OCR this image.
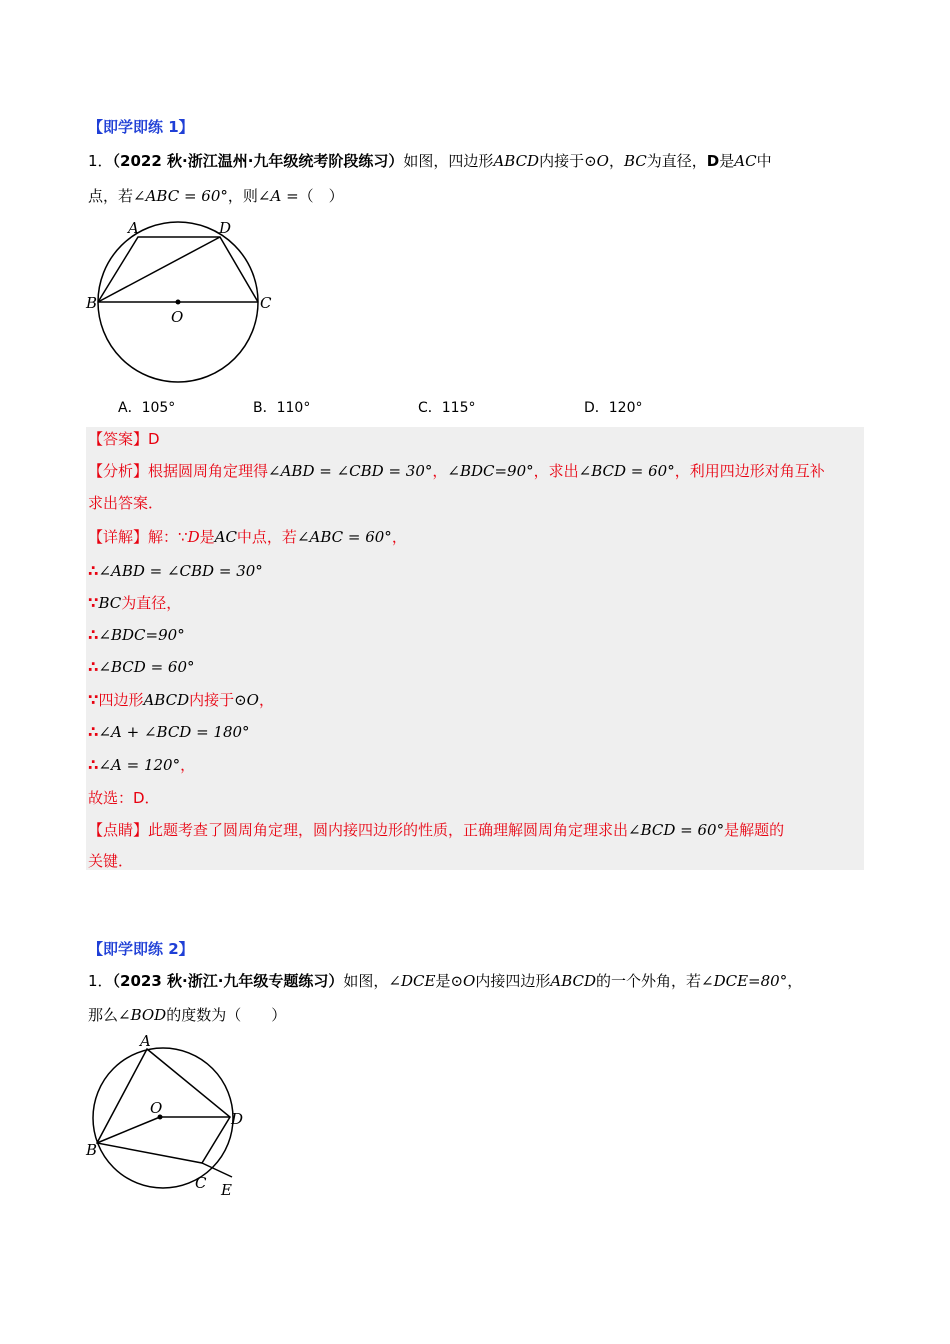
【即学即练 1】
1．（2022 秋·浙江温州·九年级统考阶段练习）如图，四边形ABCD内接于⊙O，BC为直径，D是AC中
点，若∠ABC = 60°，则∠A =（　）
A	D
B	C
O
A．105°	B．110°	C．115°	D．120°
【答案】D
【分析】根据圆周角定理得∠ABD = ∠CBD = 30°，∠BDC=90°，求出∠BCD = 60°，利用四边形对角互补
求出答案．
【详解】解：∵D是AC中点，若∠ABC = 60°，
∴∠ABD = ∠CBD = 30°
∵BC为直径，
∴∠BDC=90°
∴∠BCD = 60°
∵四边形ABCD内接于⊙O，
∴∠A + ∠BCD = 180°
∴∠A = 120°，
故选：D．
【点睛】此题考查了圆周角定理，圆内接四边形的性质，正确理解圆周角定理求出∠BCD = 60°是解题的
关键．
【即学即练 2】
1．（2023 秋·浙江·九年级专题练习）如图，∠DCE是⊙O内接四边形ABCD的一个外角，若∠DCE=80°，
那么∠BOD的度数为（　　）
A
O
D
B
C E
